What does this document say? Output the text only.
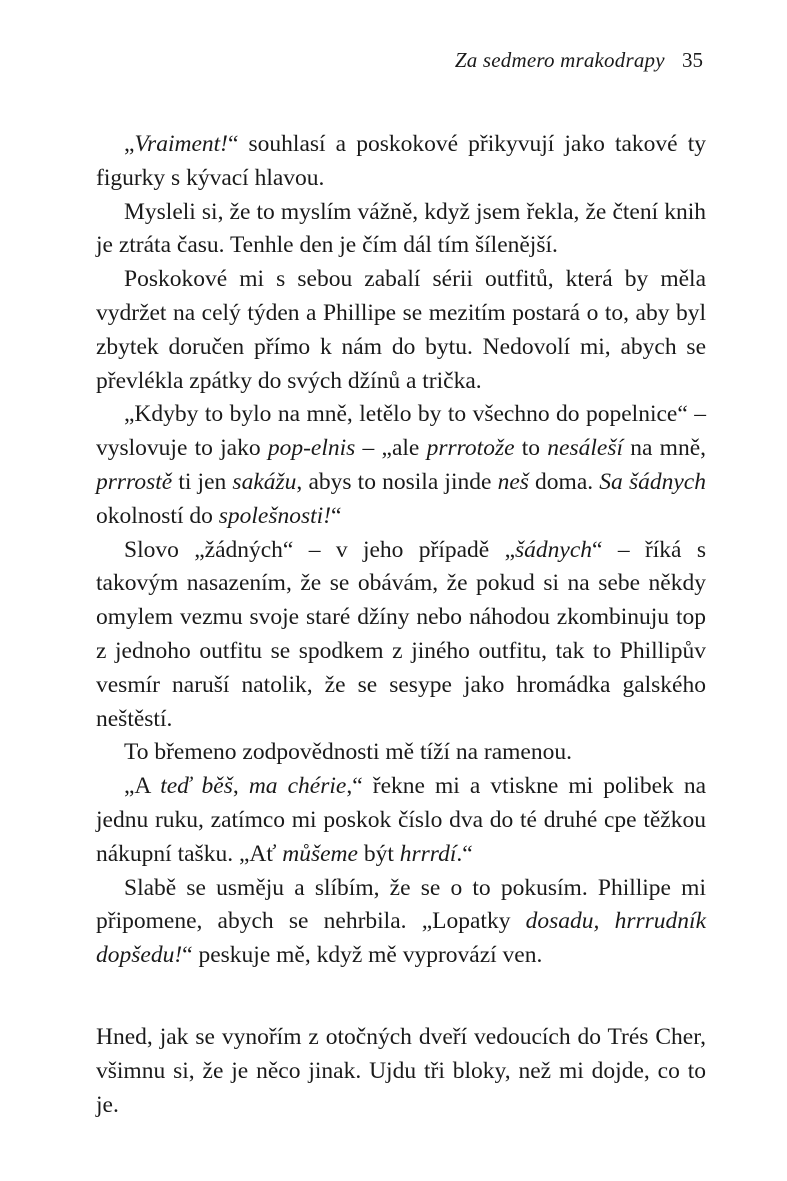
Za sedmero mrakodrapy 35

„Vraiment!“ souhlasí a poskokové přikyvují jako takové ty figurky s kývací hlavou.

Mysleli si, že to myslím vážně, když jsem řekla, že čtení knih je ztráta času. Tenhle den je čím dál tím šílenější.

Poskokové mi s sebou zabalí sérii outfitů, která by měla vydržet na celý týden a Phillipe se mezitím postará o to, aby byl zbytek doručen přímo k nám do bytu. Nedovolí mi, abych se převlékla zpátky do svých džínů a trička.

„Kdyby to bylo na mně, letělo by to všechno do popelnice“ – vyslovuje to jako pop-elnis – „ale prrrotože to nesáleší na mně, prrrostě ti jen sakážu, abys to nosila jinde neš doma. Sa šádnych okolností do spolešnosti!“

Slovo „žádných“ – v jeho případě „šádnych“ – říká s takovým nasazením, že se obávám, že pokud si na sebe někdy omylem vezmu svoje staré džíny nebo náhodou zkombinuju top z jednoho outfitu se spodkem z jiného outfitu, tak to Phillipův vesmír naruší natolik, že se sesype jako hromádka galského neštěstí.

To břemeno zodpovědnosti mě tíží na ramenou.

„A teď běš, ma chérie,“ řekne mi a vtiskne mi polibek na jednu ruku, zatímco mi poskok číslo dva do té druhé cpe těžkou nákupní tašku. „Ať můšeme být hrrrdí.“

Slabě se usměju a slíbím, že se o to pokusím. Phillipe mi připomene, abych se nehrbila. „Lopatky dosadu, hrrrudník dopšedu!“ peskuje mě, když mě vyprovází ven.

Hned, jak se vynořím z otočných dveří vedoucích do Trés Cher, všimnu si, že je něco jinak. Ujdu tři bloky, než mi dojde, co to je.
